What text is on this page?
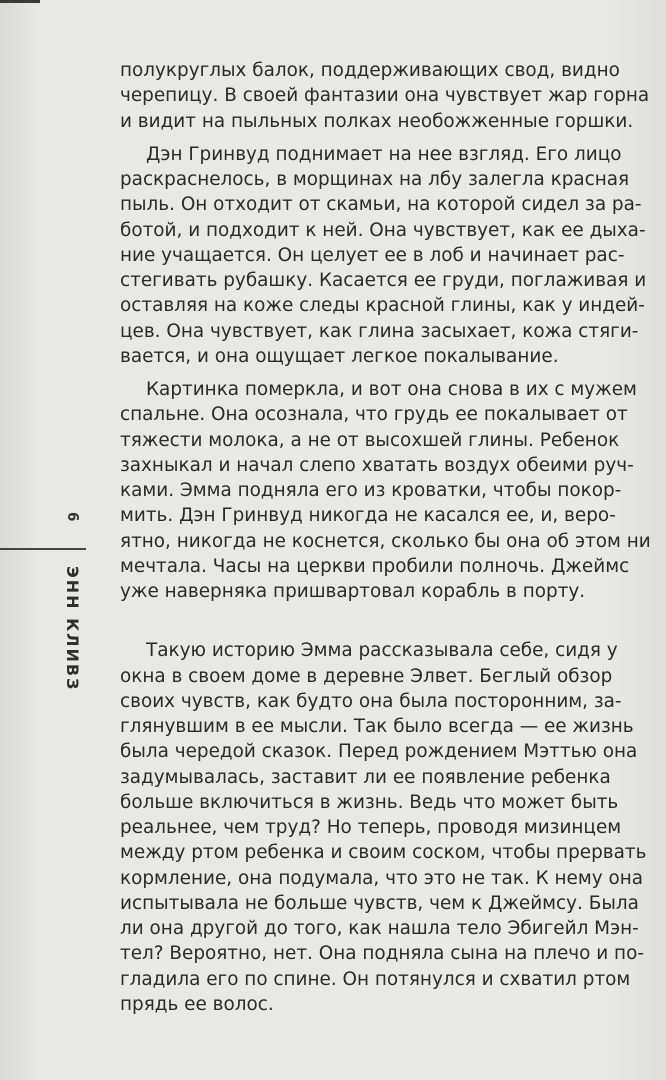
6
ЭНН КЛИВЗ
полукруглых балок, поддерживающих свод, видно
черепицу. В своей фантазии она чувствует жар горна
и видит на пыльных полках необожженные горшки.
Дэн Гринвуд поднимает на нее взгляд. Его лицо
раскраснелось, в морщинах на лбу залегла красная
пыль. Он отходит от скамьи, на которой сидел за ра-
ботой, и подходит к ней. Она чувствует, как ее дыха-
ние учащается. Он целует ее в лоб и начинает рас-
стегивать рубашку. Касается ее груди, поглаживая и
оставляя на коже следы красной глины, как у индей-
цев. Она чувствует, как глина засыхает, кожа стяги-
вается, и она ощущает легкое покалывание.
Картинка померкла, и вот она снова в их с мужем
спальне. Она осознала, что грудь ее покалывает от
тяжести молока, а не от высохшей глины. Ребенок
захныкал и начал слепо хватать воздух обеими руч-
ками. Эмма подняла его из кроватки, чтобы покор-
мить. Дэн Гринвуд никогда не касался ее, и, веро-
ятно, никогда не коснется, сколько бы она об этом ни
мечтала. Часы на церкви пробили полночь. Джеймс
уже наверняка пришвартовал корабль в порту.
Такую историю Эмма рассказывала себе, сидя у
окна в своем доме в деревне Элвет. Беглый обзор
своих чувств, как будто она была посторонним, за-
глянувшим в ее мысли. Так было всегда — ее жизнь
была чередой сказок. Перед рождением Мэттью она
задумывалась, заставит ли ее появление ребенка
больше включиться в жизнь. Ведь что может быть
реальнее, чем труд? Но теперь, проводя мизинцем
между ртом ребенка и своим соском, чтобы прервать
кормление, она подумала, что это не так. К нему она
испытывала не больше чувств, чем к Джеймсу. Была
ли она другой до того, как нашла тело Эбигейл Мэн-
тел? Вероятно, нет. Она подняла сына на плечо и по-
гладила его по спине. Он потянулся и схватил ртом
прядь ее волос.
